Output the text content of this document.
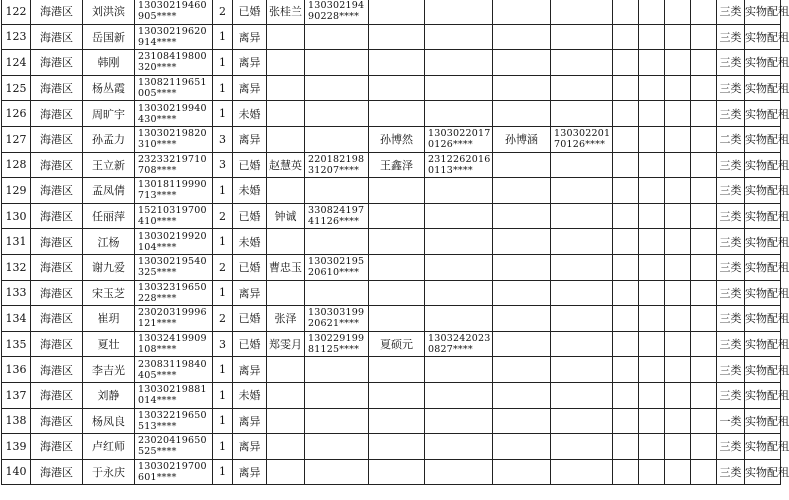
122	海港区	刘洪滨	13030219460905****	2	已婚	张桂兰	13030219490228****									三类	实物配租
123	海港区	岳国新	13030219620914****	1	离异											三类	实物配租
124	海港区	韩刚	23108419800320****	1	离异											三类	实物配租
125	海港区	杨丛霞	13082119651005****	1	离异											三类	实物配租
126	海港区	周旷宇	13030219940430****	1	未婚											三类	实物配租
127	海港区	孙孟力	13030219820310****	3	离异			孙博然	13030220170126****	孙博涵	13030220170126****					二类	实物配租
128	海港区	王立新	23233219710708****	3	已婚	赵慧英	22018219831207****	王鑫泽	23122620160113****							三类	实物配租
129	海港区	孟凤倩	13018119990713****	1	未婚											三类	实物配租
130	海港区	任丽萍	15210319700410****	2	已婚	钟诚	33082419741126****									三类	实物配租
131	海港区	江杨	13030219920104****	1	未婚											三类	实物配租
132	海港区	谢九爱	13030219540325****	2	已婚	曹忠玉	13030219520610****									三类	实物配租
133	海港区	宋玉芝	13032319650228****	1	离异											三类	实物配租
134	海港区	崔玥	23020319996121****	2	已婚	张泽	13030319920621****									三类	实物配租
135	海港区	夏壮	13032419909108****	3	已婚	郑雯月	13022919981125****	夏硕元	13032420230827****							三类	实物配租
136	海港区	李吉光	23083119840405****	1	离异											三类	实物配租
137	海港区	刘静	13030219881014****	1	未婚											三类	实物配租
138	海港区	杨凤良	13032219650513****	1	离异											一类	实物配租
139	海港区	卢红师	23020419650525****	1	离异											三类	实物配租
140	海港区	于永庆	13030219700601****	1	离异											三类	实物配租
